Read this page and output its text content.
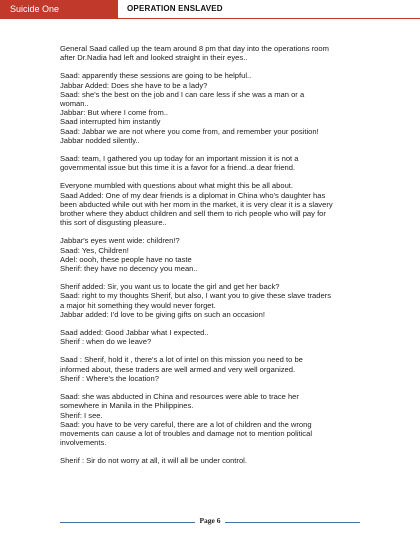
Suicide One	OPERATION ENSLAVED
General Saad called up the team around 8 pm that day into the operations room
after Dr.Nadia had left and looked straight in their eyes..
Saad: apparently these sessions are going to be helpful..
Jabbar Added: Does she have to be a lady?
Saad: she's the best on the job and I can care less if she was a man or a
woman..
Jabbar: But where I come from..
Saad interrupted him instantly
Saad: Jabbar we are not where you come from, and remember your position!
Jabbar nodded silently..
Saad: team, I gathered you up today for an important mission it is not a
governmental issue but this time it is a favor for a friend..a dear friend.
Everyone mumbled with questions about what might this be all about.
Saad Added: One of my dear friends is a diplomat in China who's daughter has
been abducted while out with her mom in the market, it is very clear it is a slavery
brother where they abduct children and sell them to rich people who will pay for
this sort of disgusting pleasure..
Jabbar's eyes went wide: children!?
Saad: Yes, Children!
Adel: oooh, these people have no taste
Sherif: they have no decency you mean..
Sherif added: Sir, you want us to locate the girl and get her back?
Saad: right to my thoughts Sherif, but also, I want you to give these slave traders
a major hit something they would never forget.
Jabbar added: I'd love to be giving gifts on such an occasion!
Saad added: Good Jabbar what I expected..
Sherif : when do we leave?
Saad : Sherif, hold it , there's a lot of intel on this mission you need to be
informed about, these traders are well armed and very well organized.
Sherif : Where's the location?
Saad: she was abducted in China and resources were able to trace her
somewhere in Manila in the Philippines.
Sherif: I see.
Saad: you have to be very careful, there are a lot of children and the wrong
movements can cause a lot of troubles and damage not to mention political
involvements.
Sherif : Sir do not worry at all, it will all be under control.
Page 6
